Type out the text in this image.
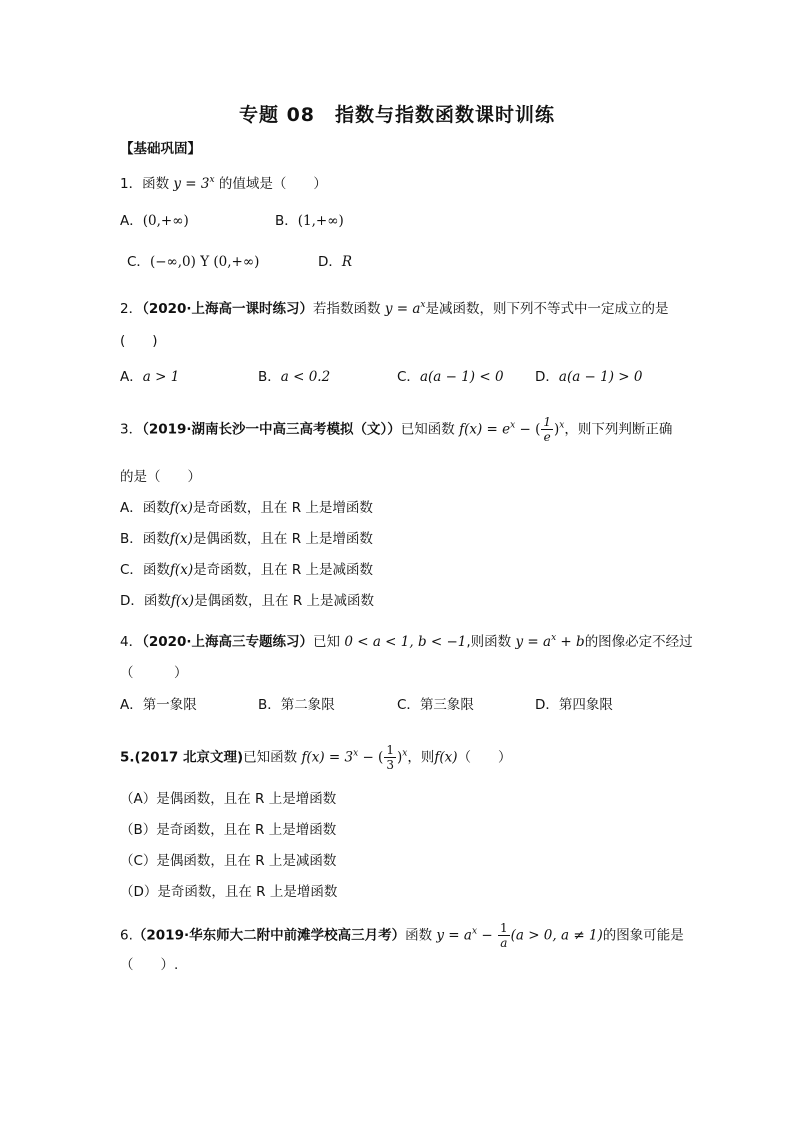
专题 08　指数与指数函数课时训练
【基础巩固】
1．函数 $y = 3^x$ 的值域是（　　）
A．(0,+∞)	B．(1,+∞)
C．(−∞,0) Y (0,+∞)	D．R
2．（2020·上海高一课时练习）若指数函数 $y = a^x$是减函数，则下列不等式中一定成立的是
(　　)
A．a > 1	B．a < 0.2	C．a(a − 1) < 0 D．a(a − 1) > 0
3．（2019·湖南长沙一中高三高考模拟（文））已知函数 $f(x) = e^x$ − ( $\frac{1}{e} )^x$，则下列判断正确
的是（　　）
A．函数f(x)是奇函数，且在 R 上是增函数
B．函数f(x)是偶函数，且在 R 上是增函数
C．函数f(x)是奇函数，且在 R 上是减函数
D．函数f(x)是偶函数，且在 R 上是减函数
4．（2020·上海高三专题练习）已知 0 < a < 1, b < −1,则函数 $y = a^x + b$的图像必定不经过
（　　　）
A．第一象限	B．第二象限	C．第三象限	D．第四象限
5.(2017 北京文理)已知函数 $f(x) = 3^x$ − ( $\frac{1}{3} )^x$，则f(x)（　　）
（A）是偶函数，且在 R 上是增函数
（B）是奇函数，且在 R 上是增函数
（C）是偶函数，且在 R 上是减函数
（D）是奇函数，且在 R 上是增函数
6.（2019·华东师大二附中前滩学校高三月考）函数 $y = a^x - \frac{1}{a} (a > 0$, a ≠ 1)的图象可能是
（　　）.
